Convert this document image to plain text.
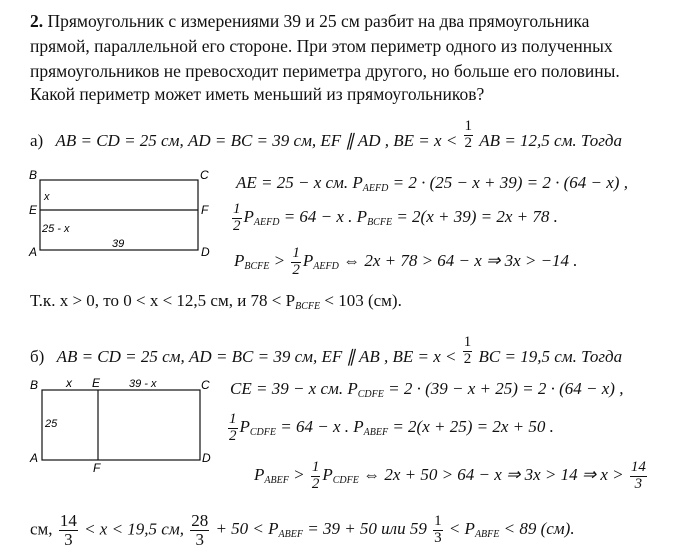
2. Прямоугольник с измерениями 39 и 25 см разбит на два прямоугольника
прямой, параллельной его стороне. При этом периметр одного из полученных
прямоугольников не превосходит периметра другого, но больше его половины.
Какой периметр может иметь меньший из прямоугольников?
а) AB = CD = 25 см, AD = BC = 39 см, EF ∥ AD , BE = $x < \frac{1}{2}$ AB = 12,5 см. Тогда
B	C
E	F
A	D
x
25 - x
39
AE = 25 − x см. $P_{AEFD} = 2 \cdot (25 - x + 39) = 2 \cdot (64 - x)$ ,
$\frac{1}{2} P_{AEFD} = 64 - x$ . $P_{BCFE} = 2(x + 39) = 2x + 78$ .
$P_{BCFE} > \frac{1}{2} P_{AEFD}$ ⇔ 2x + 78 > 64 − x ⇒ 3x > −14 .
Т.к. x > 0, то 0 < x < 12,5 см, и $78 < P_{BCFE} < 103$ (см).
б) AB = CD = 25 см, AD = BC = 39 см, EF ∥ AB , BE = $x < \frac{1}{2}$ BC = 19,5 см. Тогда
B x E	39 - x	C
25
A
F
D
CE = 39 − x см. $P_{CDFE} = 2 \cdot (39 - x + 25) = 2 \cdot (64 - x)$ ,
$\frac{1}{2} P_{CDFE} = 64 - x$ . $P_{ABEF} = 2(x + 25) = 2x + 50$ .
$P_{ABEF} > \frac{1}{2} P_{CDFE}$ ⇔ 2x + 50 > 64 − x ⇒ 3x > 14 ⇒ $x > \frac{14}{3}$
см, $\frac{14}{3} < x < 19,5$ см, $\frac{28}{3} + 50 < P_{ABEF} = 39 + 50$ или $59 \frac{1}{3} < P_{ABFE} < 89$ (см).
